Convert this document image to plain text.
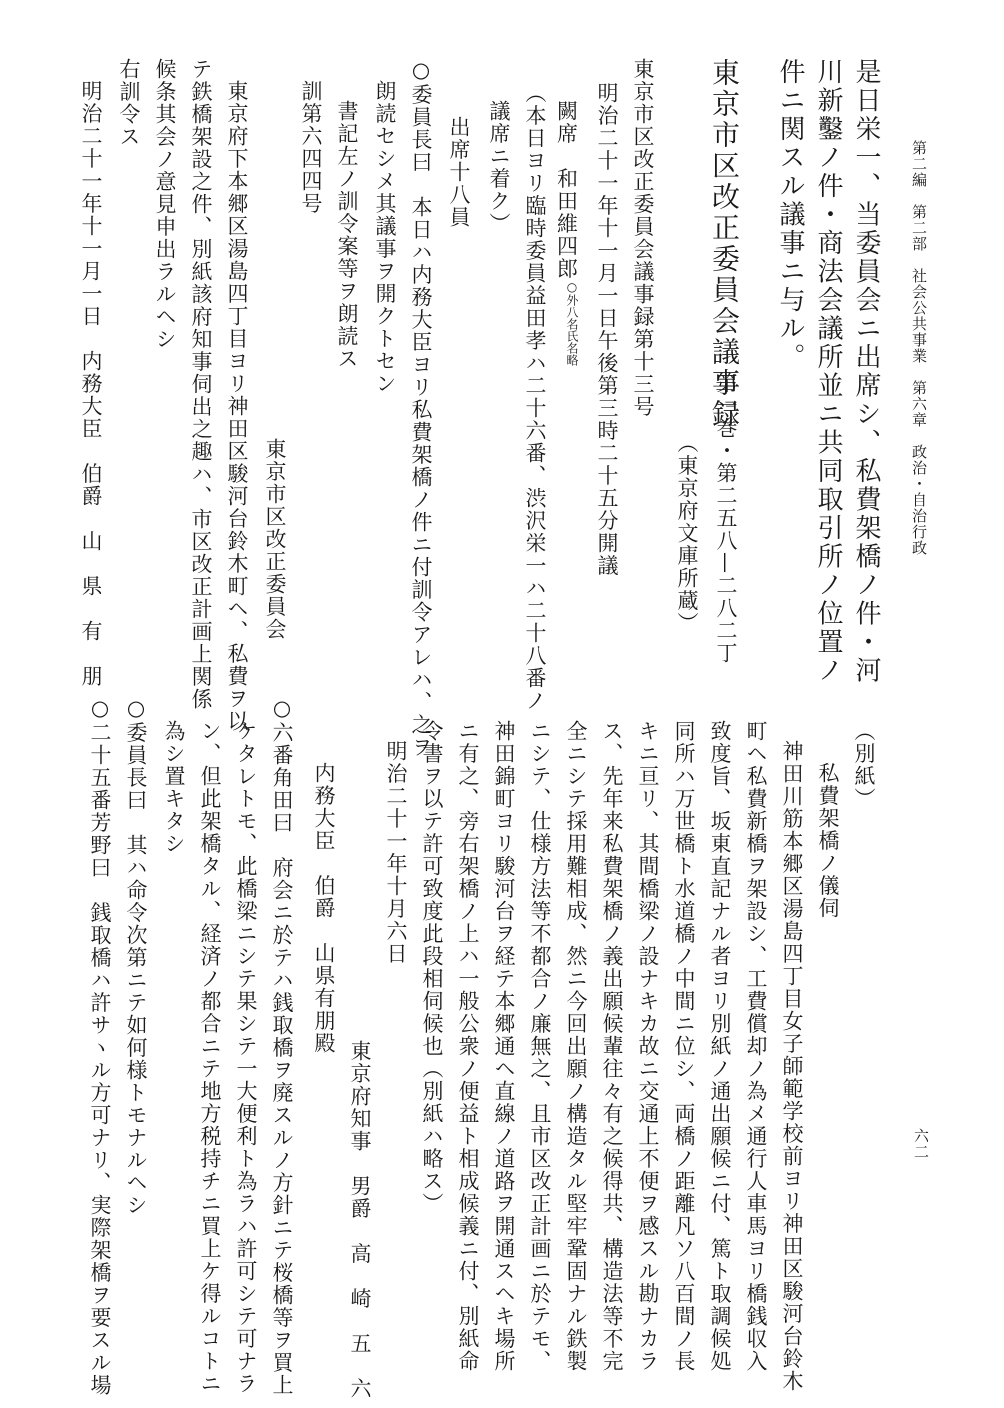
第二編　第二部　社会公共事業　第六章　政治・自治行政
六二
是日栄一、当委員会ニ出席シ、私費架橋ノ件・河
川新鑿ノ件・商法会議所並ニ共同取引所ノ位置ノ
件ニ関スル議事ニ与ル。
東京市区改正委員会議事録
第一巻・第二五八—二八二丁
（東京府文庫所蔵）
東京市区改正委員会議事録第十三号
明治二十一年十一月一日午後第三時二十五分開議
闕席　和田維四郎
○外八名
氏名略
（本日ヨリ臨時委員益田孝ハ二十六番、渋沢栄一ハ二十八番ノ
議席ニ着ク）
出席十八員
○委員長曰　本日ハ内務大臣ヨリ私費架橋ノ件ニ付訓令アレハ、之ヲ
朗読セシメ其議事ヲ開クトセン
書記左ノ訓令案等ヲ朗読ス
訓第六四四号
東京市区改正委員会
東京府下本郷区湯島四丁目ヨリ神田区駿河台鈴木町ヘ、私費ヲ以
テ鉄橋架設之件、別紙該府知事伺出之趣ハ、市区改正計画上関係
候条其会ノ意見申出ラルヘシ
右訓令ス
明治二十一年十一月一日　内務大臣　伯爵　山　県　有　朋
（別紙）
私費架橋ノ儀伺
神田川筋本郷区湯島四丁目女子師範学校前ヨリ神田区駿河台鈴木
町ヘ私費新橋ヲ架設シ、工費償却ノ為メ通行人車馬ヨリ橋銭収入
致度旨、坂東直記ナル者ヨリ別紙ノ通出願候ニ付、篤ト取調候処
同所ハ万世橋ト水道橋ノ中間ニ位シ、両橋ノ距離凡ソ八百間ノ長
キニ亘リ、其間橋梁ノ設ナキカ故ニ交通上不便ヲ感スル勘ナカラ
ス、先年来私費架橋ノ義出願候輩往々有之候得共、構造法等不完
全ニシテ採用難相成、然ニ今回出願ノ構造タル堅牢鞏固ナル鉄製
ニシテ、仕様方法等不都合ノ廉無之、且市区改正計画ニ於テモ、
神田錦町ヨリ駿河台ヲ経テ本郷通ヘ直線ノ道路ヲ開通スヘキ場所
ニ有之、旁右架橋ノ上ハ一般公衆ノ便益ト相成候義ニ付、別紙命
令書ヲ以テ許可致度此段相伺候也（別紙ハ略ス）
明治二十一年十月六日
東京府知事　男爵　高　崎　五　六
内務大臣　伯爵　山県有朋殿
○六番角田曰　府会ニ於テハ銭取橋ヲ廃スルノ方針ニテ桜橋等ヲ買上
ケタレトモ、此橋梁ニシテ果シテ一大便利ト為ラハ許可シテ可ナラ
ン、但此架橋タル、経済ノ都合ニテ地方税持チニ買上ケ得ルコトニ
為シ置キタシ
○委員長曰　其ハ命令次第ニテ如何様トモナルヘシ
○二十五番芳野曰　銭取橋ハ許サヽル方可ナリ、実際架橋ヲ要スル場
